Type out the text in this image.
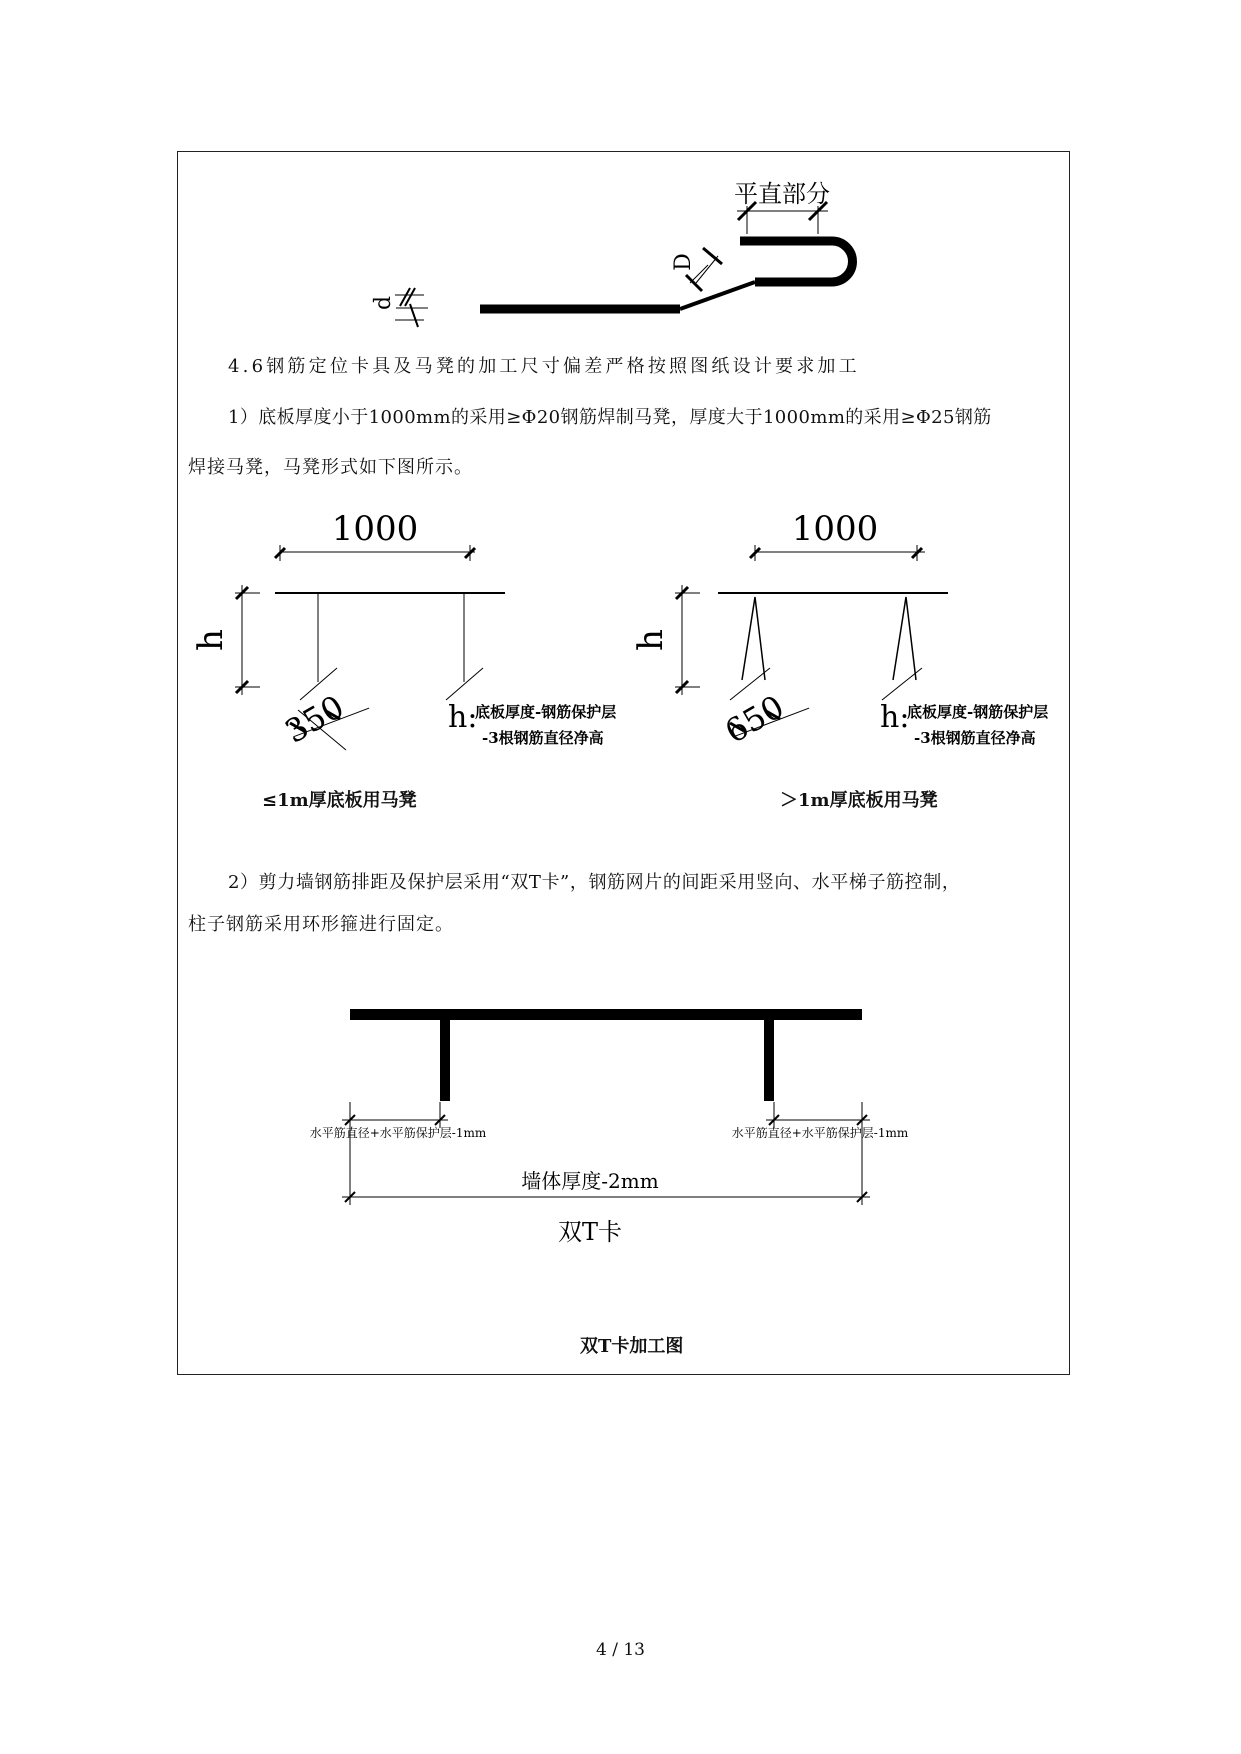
平直部分
D
d
4.6钢筋定位卡具及马凳的加工尺寸偏差严格按照图纸设计要求加工
1）底板厚度小于1000mm的采用≥Φ20钢筋焊制马凳，厚度大于1000mm的采用≥Φ25钢筋
焊接马凳，马凳形式如下图所示。
1000
h
350	h:
底板厚度-钢筋保护层
-3根钢筋直径净高
≤1m厚底板用马凳
1000
h
650	h:
底板厚度-钢筋保护层
-3根钢筋直径净高
＞1m厚底板用马凳
2）剪力墙钢筋排距及保护层采用“双T卡”，钢筋网片的间距采用竖向、水平梯子筋控制，
柱子钢筋采用环形箍进行固定。
水平筋直径+水平筋保护层-1mm	水平筋直径+水平筋保护层-1mm
墙体厚度-2mm
双T卡
双T卡加工图
4 / 13
